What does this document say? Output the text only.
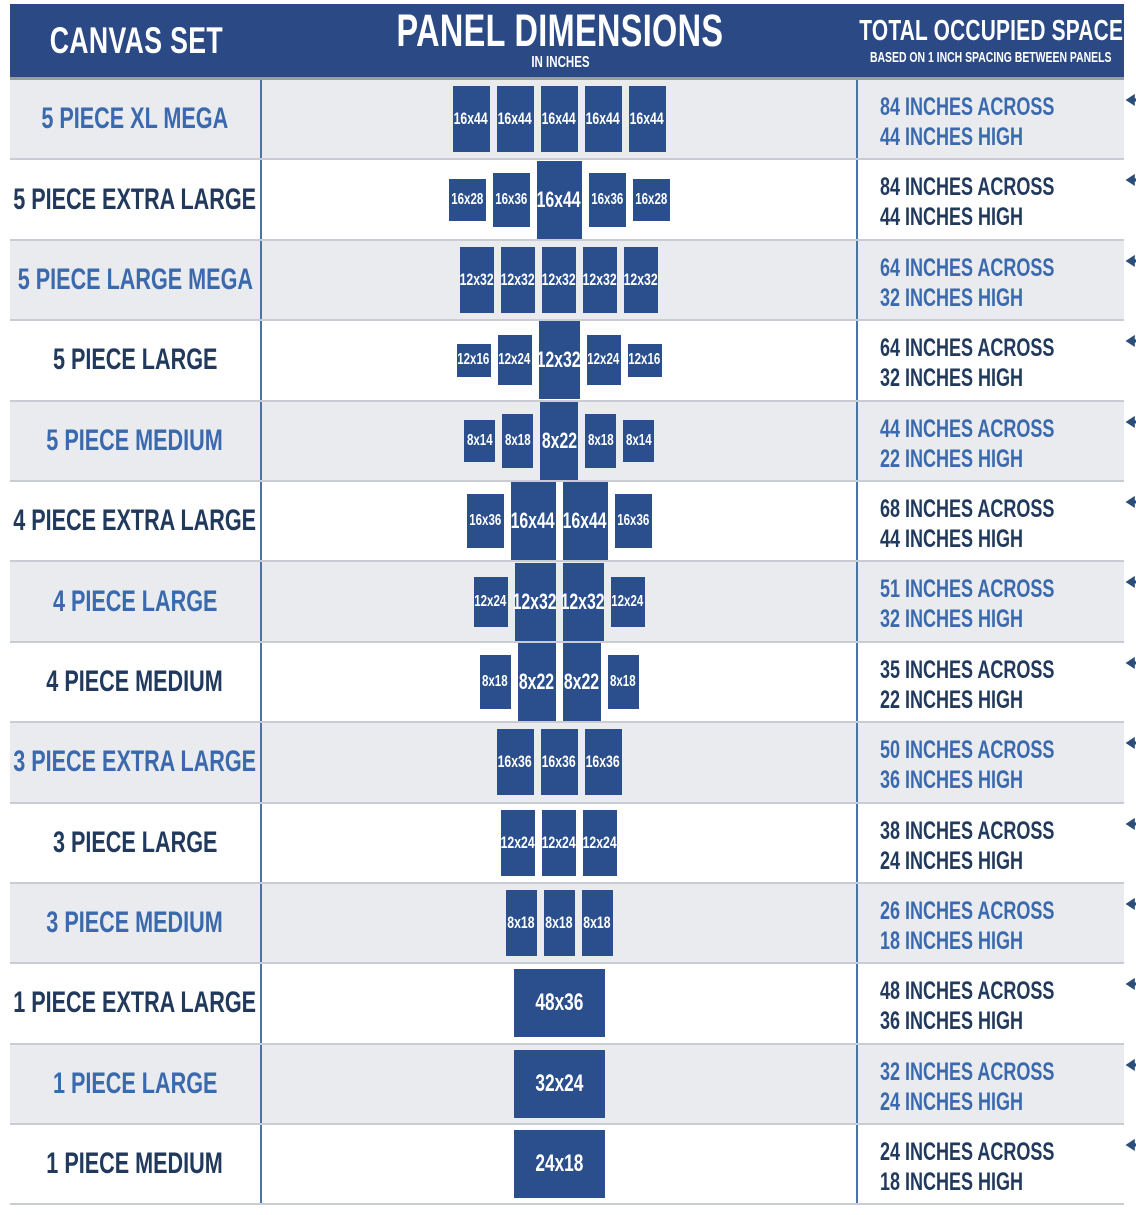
CANVAS SET	PANEL DIMENSIONS
IN INCHES
TOTAL OCCUPIED SPACE
BASED ON 1 INCH SPACING BETWEEN PANELS
5 PIECE XL MEGA	16x44 16x44 16x44 16x44 16x44	84 INCHES ACROSS
44 INCHES HIGH
5 PIECE EXTRA LARGE	16x28 16x36 16x44 16x36 16x28	84 INCHES ACROSS
44 INCHES HIGH
5 PIECE LARGE MEGA	12x32 12x32 12x32 12x32 12x32	64 INCHES ACROSS
32 INCHES HIGH
5 PIECE LARGE	12x16 12x24 12x32 12x24 12x16	64 INCHES ACROSS
32 INCHES HIGH
5 PIECE MEDIUM	8x14 8x18 8x22 8x18 8x14	44 INCHES ACROSS
22 INCHES HIGH
4 PIECE EXTRA LARGE	16x36 16x44 16x44 16x36	68 INCHES ACROSS
44 INCHES HIGH
4 PIECE LARGE	12x24 12x32 12x32 12x24	51 INCHES ACROSS
32 INCHES HIGH
4 PIECE MEDIUM	8x18 8x22 8x22 8x18	35 INCHES ACROSS
22 INCHES HIGH
3 PIECE EXTRA LARGE	16x36 16x36 16x36	50 INCHES ACROSS
36 INCHES HIGH
3 PIECE LARGE	12x24 12x24 12x24	38 INCHES ACROSS
24 INCHES HIGH
3 PIECE MEDIUM	8x18 8x18 8x18	26 INCHES ACROSS
18 INCHES HIGH
1 PIECE EXTRA LARGE	48x36	48 INCHES ACROSS
36 INCHES HIGH
1 PIECE LARGE	32x24	32 INCHES ACROSS
24 INCHES HIGH
1 PIECE MEDIUM	24x18	24 INCHES ACROSS
18 INCHES HIGH
